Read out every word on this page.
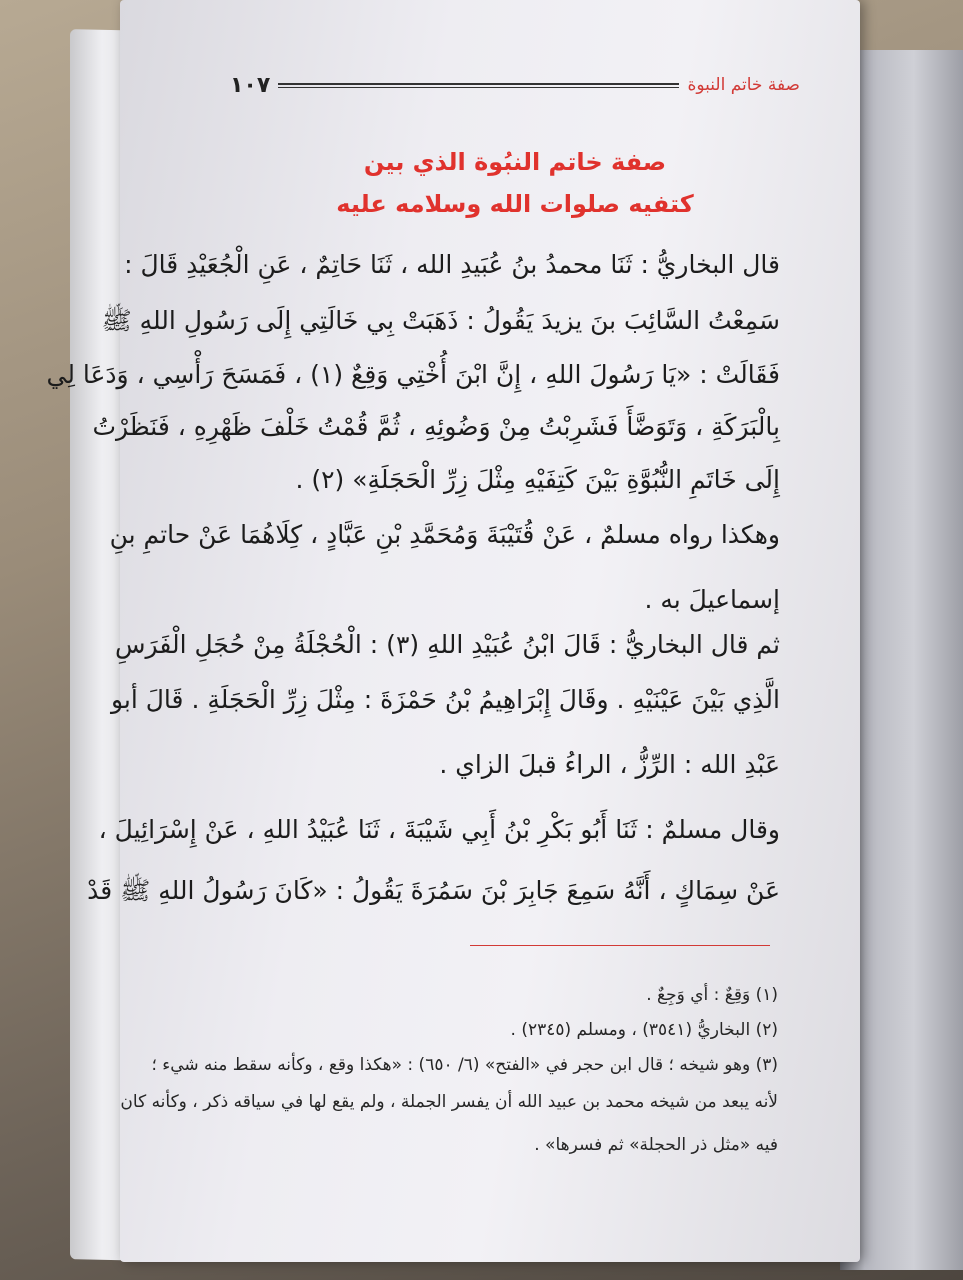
١٠٧	صفة خاتم النبوة
صفة خاتم النبُوة الذي بين
كتفيه صلوات الله وسلامه عليه
قال البخاريُّ : ثَنَا محمدُ بنُ عُبَيدِ الله ، ثَنَا حَاتِمٌ ، عَنِ الْجُعَيْدِ قَالَ :
سَمِعْتُ السَّائِبَ بنَ يزيدَ يَقُولُ : ذَهَبَتْ بِي خَالَتِي إِلَى رَسُولِ اللهِ ﷺ
فَقَالَتْ : «يَا رَسُولَ اللهِ ، إِنَّ ابْنَ أُخْتِي وَقِعٌ (١) ، فَمَسَحَ رَأْسِي ، وَدَعَا لِي
بِالْبَرَكَةِ ، وَتَوَضَّأَ فَشَرِبْتُ مِنْ وَضُوئِهِ ، ثُمَّ قُمْتُ خَلْفَ ظَهْرِهِ ، فَنَظَرْتُ
إِلَى خَاتَمِ النُّبُوَّةِ بَيْنَ كَتِفَيْهِ مِثْلَ زِرِّ الْحَجَلَةِ» (٢) .
وهكذا رواه مسلمٌ ، عَنْ قُتَيْبَةَ وَمُحَمَّدِ بْنِ عَبَّادٍ ، كِلَاهُمَا عَنْ حاتمِ بنِ
إسماعيلَ به .
ثم قال البخاريُّ : قَالَ ابْنُ عُبَيْدِ اللهِ (٣) : الْحُجْلَةُ مِنْ حُجَلِ الْفَرَسِ
الَّذِي بَيْنَ عَيْنَيْهِ . وقَالَ إِبْرَاهِيمُ بْنُ حَمْزَةَ : مِثْلَ زِرِّ الْحَجَلَةِ . قَالَ أبو
عَبْدِ الله : الرِّزُّ ، الراءُ قبلَ الزاي .
وقال مسلمٌ : ثَنَا أَبُو بَكْرِ بْنُ أَبِي شَيْبَةَ ، ثَنَا عُبَيْدُ اللهِ ، عَنْ إِسْرَائِيلَ ،
عَنْ سِمَاكٍ ، أَنَّهُ سَمِعَ جَابِرَ بْنَ سَمُرَةَ يَقُولُ : «كَانَ رَسُولُ اللهِ ﷺ قَدْ
(١) وَقِعٌ : أي وَجِعٌ .
(٢) البخاريُّ (٣٥٤١) ، ومسلم (٢٣٤٥) .
(٣) وهو شيخه ؛ قال ابن حجر في «الفتح» (٦/ ٦٥٠) : «هكذا وقع ، وكأنه سقط منه شيء ؛
لأنه يبعد من شيخه محمد بن عبيد الله أن يفسر الجملة ، ولم يقع لها في سياقه ذكر ، وكأنه كان
فيه «مثل ذر الحجلة» ثم فسرها» .
